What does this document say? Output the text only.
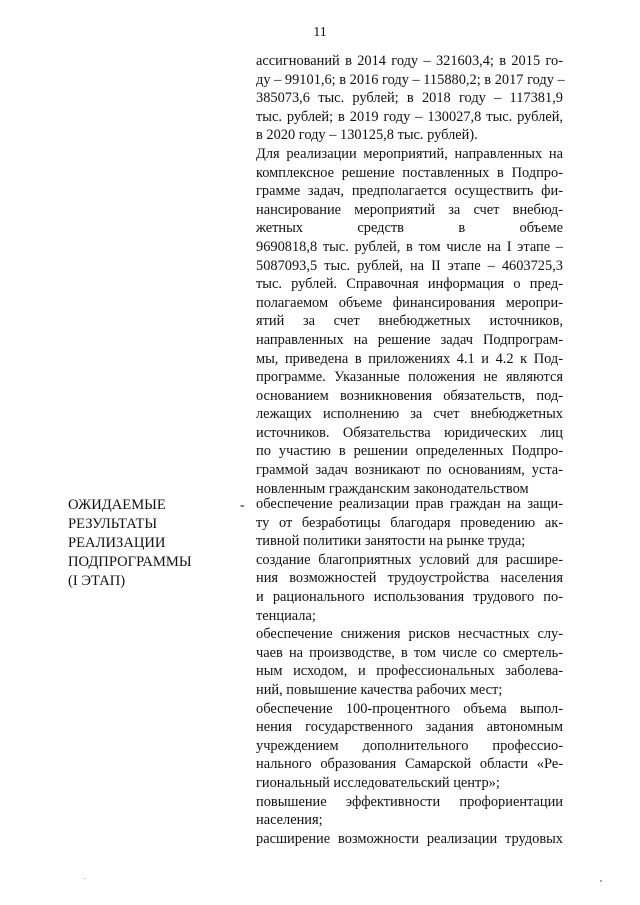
11
ассигнований в 2014 году – 321603,4; в 2015 го-
ду – 99101,6; в 2016 году – 115880,2; в 2017 году –
385073,6 тыс. рублей; в 2018 году – 117381,9
тыс. рублей; в 2019 году – 130027,8 тыс. рублей,
в 2020 году – 130125,8 тыс. рублей).
Для реализации мероприятий, направленных на
комплексное решение поставленных в Подпро-
грамме задач, предполагается осуществить фи-
нансирование мероприятий за счет внебюд-
жетных средств в объеме
9690818,8 тыс. рублей, в том числе на I этапе –
5087093,5 тыс. рублей, на II этапе – 4603725,3
тыс. рублей. Справочная информация о пред-
полагаемом объеме финансирования меропри-
ятий за счет внебюджетных источников,
направленных на решение задач Подпрограм-
мы, приведена в приложениях 4.1 и 4.2 к Под-
программе. Указанные положения не являются
основанием возникновения обязательств, под-
лежащих исполнению за счет внебюджетных
источников. Обязательства юридических лиц
по участию в решении определенных Подпро-
граммой задач возникают по основаниям, уста-
новленным гражданским законодательством
ОЖИДАЕМЫЕ
РЕЗУЛЬТАТЫ
РЕАЛИЗАЦИИ
ПОДПРОГРАММЫ
(I ЭТАП)
- обеспечение реализации прав граждан на защи-
ту от безработицы благодаря проведению ак-
тивной политики занятости на рынке труда;
создание благоприятных условий для расшире-
ния возможностей трудоустройства населения
и рационального использования трудового по-
тенциала;
обеспечение снижения рисков несчастных слу-
чаев на производстве, в том числе со смертель-
ным исходом, и профессиональных заболева-
ний, повышение качества рабочих мест;
обеспечение 100-процентного объема выпол-
нения государственного задания автономным
учреждением дополнительного профессио-
нального образования Самарской области «Ре-
гиональный исследовательский центр»;
повышение эффективности профориентации
населения;
расширение возможности реализации трудовых
